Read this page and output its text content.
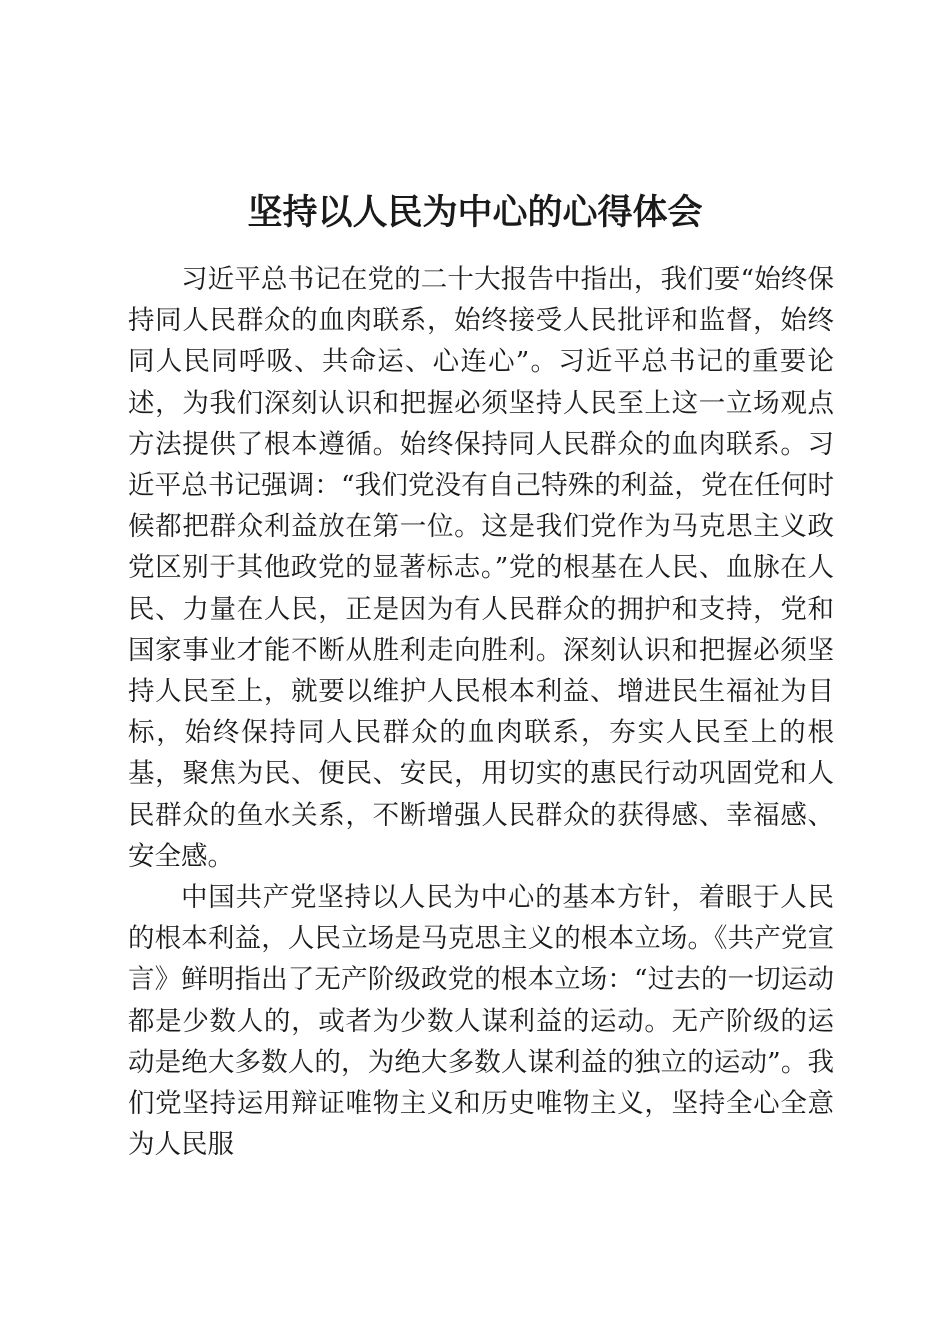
坚持以人民为中心的心得体会

习近平总书记在党的二十大报告中指出，我们要“始终保持同人民群众的血肉联系，始终接受人民批评和监督，始终同人民同呼吸、共命运、心连心”。习近平总书记的重要论述，为我们深刻认识和把握必须坚持人民至上这一立场观点方法提供了根本遵循。始终保持同人民群众的血肉联系。习近平总书记强调：“我们党没有自己特殊的利益，党在任何时候都把群众利益放在第一位。这是我们党作为马克思主义政党区别于其他政党的显著标志。”党的根基在人民、血脉在人民、力量在人民，正是因为有人民群众的拥护和支持，党和国家事业才能不断从胜利走向胜利。深刻认识和把握必须坚持人民至上，就要以维护人民根本利益、增进民生福祉为目标，始终保持同人民群众的血肉联系，夯实人民至上的根基，聚焦为民、便民、安民，用切实的惠民行动巩固党和人民群众的鱼水关系，不断增强人民群众的获得感、幸福感、安全感。

中国共产党坚持以人民为中心的基本方针，着眼于人民的根本利益，人民立场是马克思主义的根本立场。《共产党宣言》鲜明指出了无产阶级政党的根本立场：“过去的一切运动都是少数人的，或者为少数人谋利益的运动。无产阶级的运动是绝大多数人的，为绝大多数人谋利益的独立的运动”。我们党坚持运用辩证唯物主义和历史唯物主义，坚持全心全意为人民服
